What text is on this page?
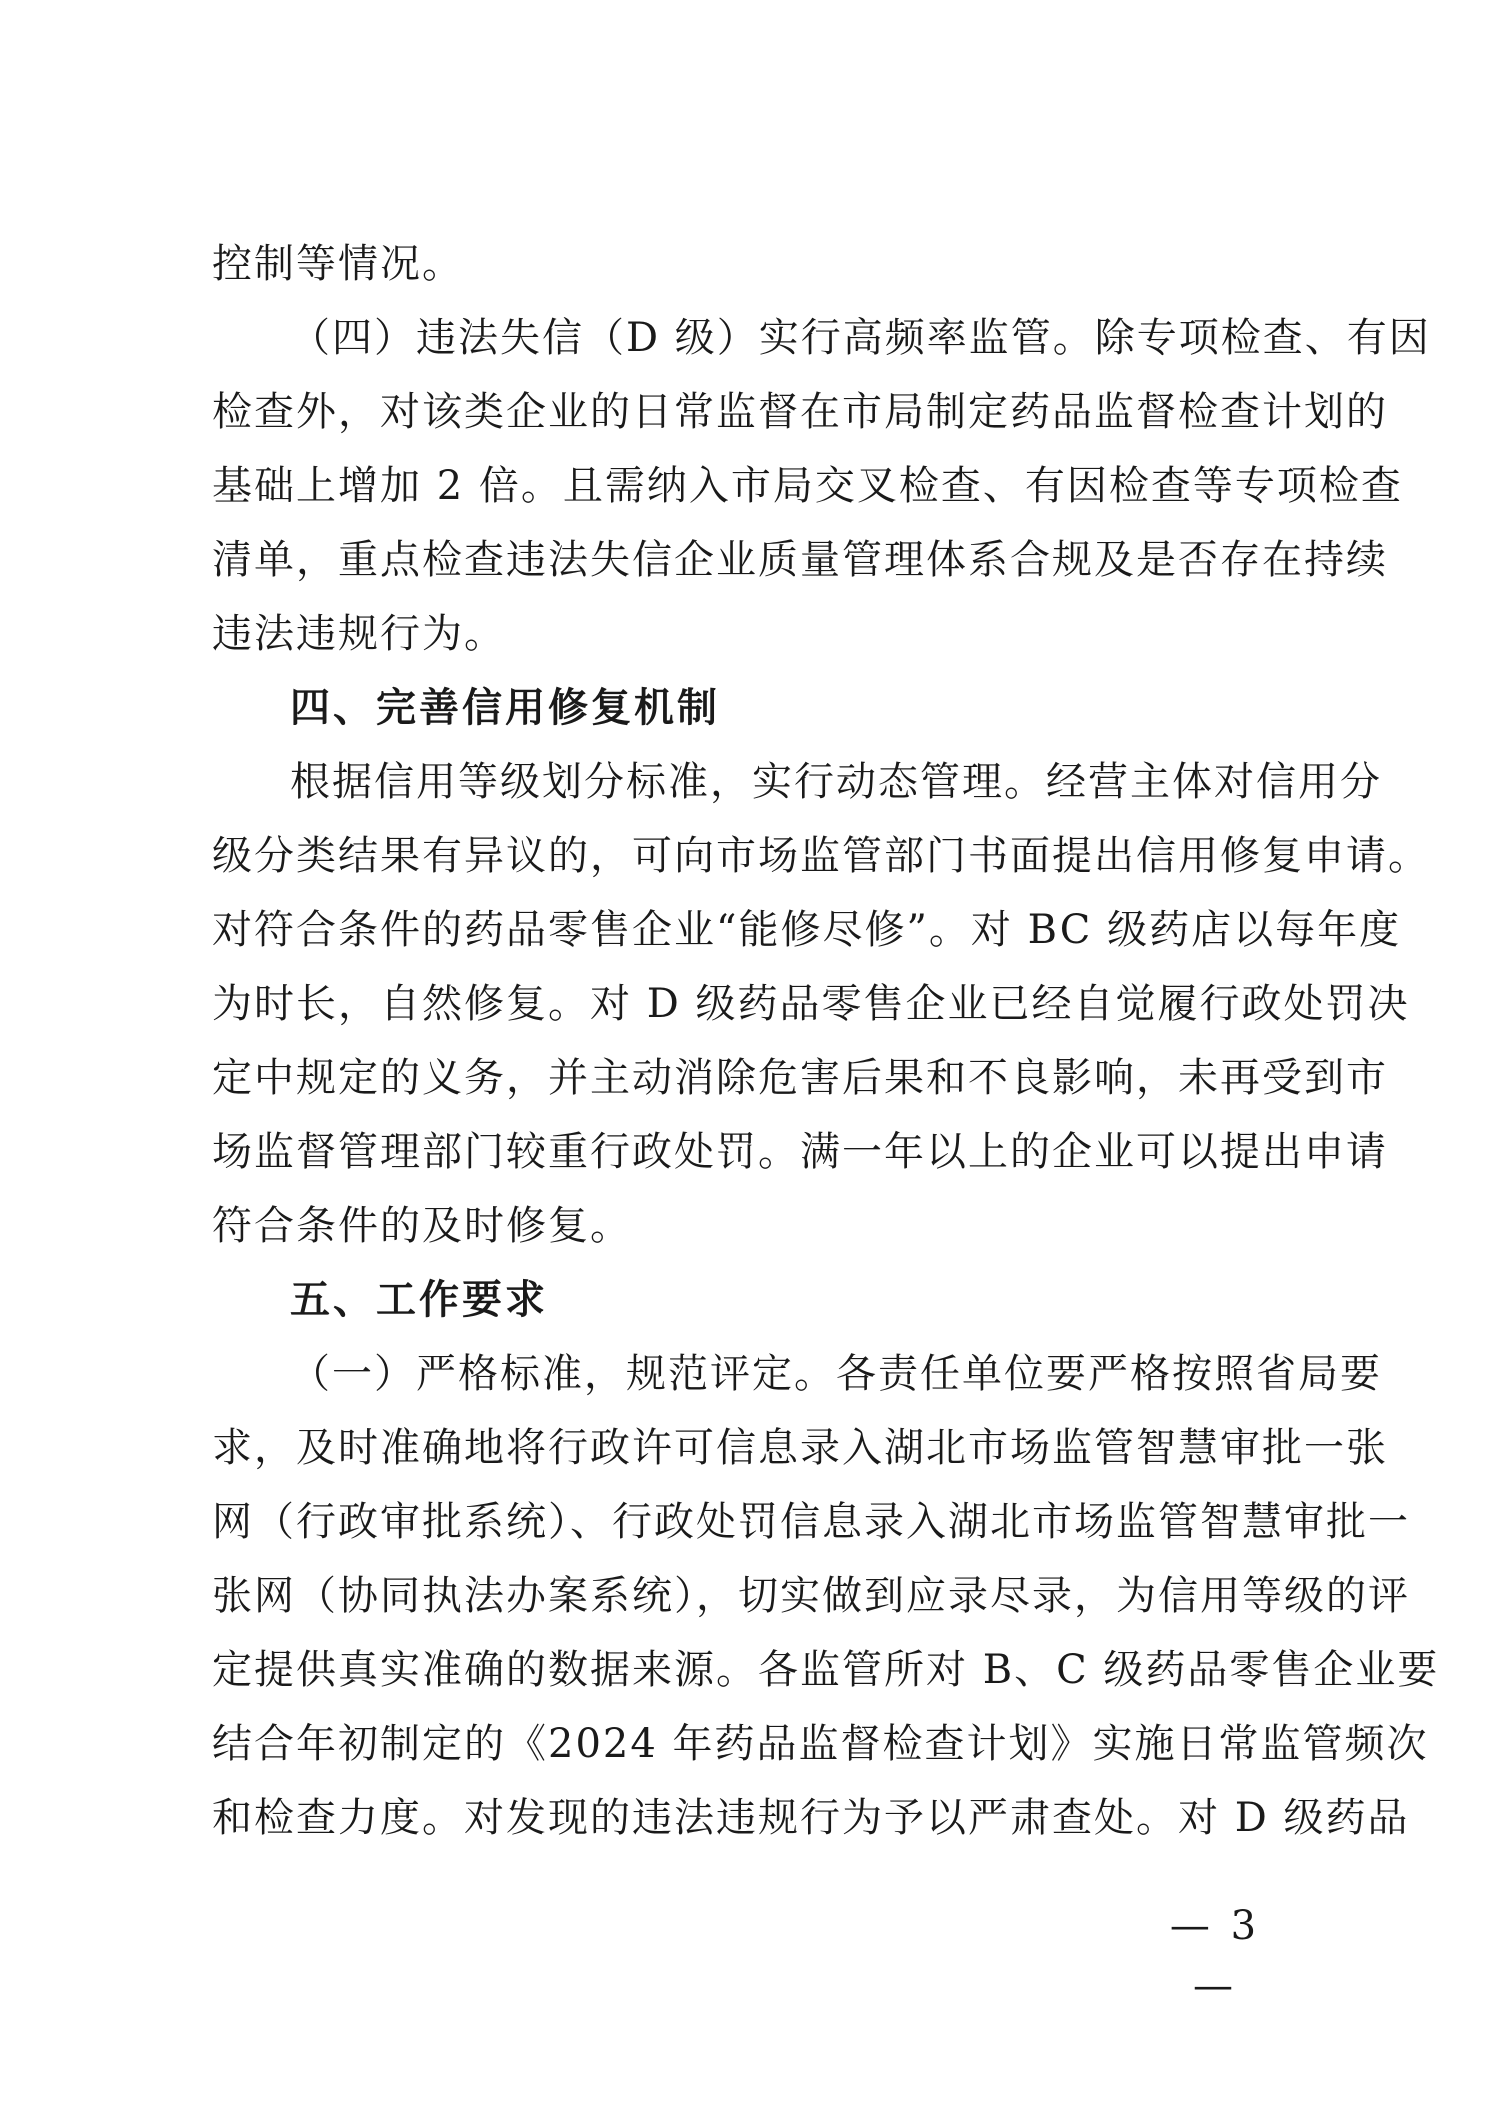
控制等情况。
（四）违法失信（D 级）实行高频率监管。除专项检查、有因
检查外，对该类企业的日常监督在市局制定药品监督检查计划的
基础上增加 2 倍。且需纳入市局交叉检查、有因检查等专项检查
清单，重点检查违法失信企业质量管理体系合规及是否存在持续
违法违规行为。
四、完善信用修复机制
根据信用等级划分标准，实行动态管理。经营主体对信用分
级分类结果有异议的，可向市场监管部门书面提出信用修复申请。
对符合条件的药品零售企业“能修尽修”。对 BC 级药店以每年度
为时长，自然修复。对 D 级药品零售企业已经自觉履行政处罚决
定中规定的义务，并主动消除危害后果和不良影响，未再受到市
场监督管理部门较重行政处罚。满一年以上的企业可以提出申请
符合条件的及时修复。
五、工作要求
（一）严格标准，规范评定。各责任单位要严格按照省局要
求，及时准确地将行政许可信息录入湖北市场监管智慧审批一张
网（行政审批系统）、行政处罚信息录入湖北市场监管智慧审批一
张网（协同执法办案系统），切实做到应录尽录，为信用等级的评
定提供真实准确的数据来源。各监管所对 B、C 级药品零售企业要
结合年初制定的《2024 年药品监督检查计划》实施日常监管频次
和检查力度。对发现的违法违规行为予以严肃查处。对 D 级药品
— 3 —
